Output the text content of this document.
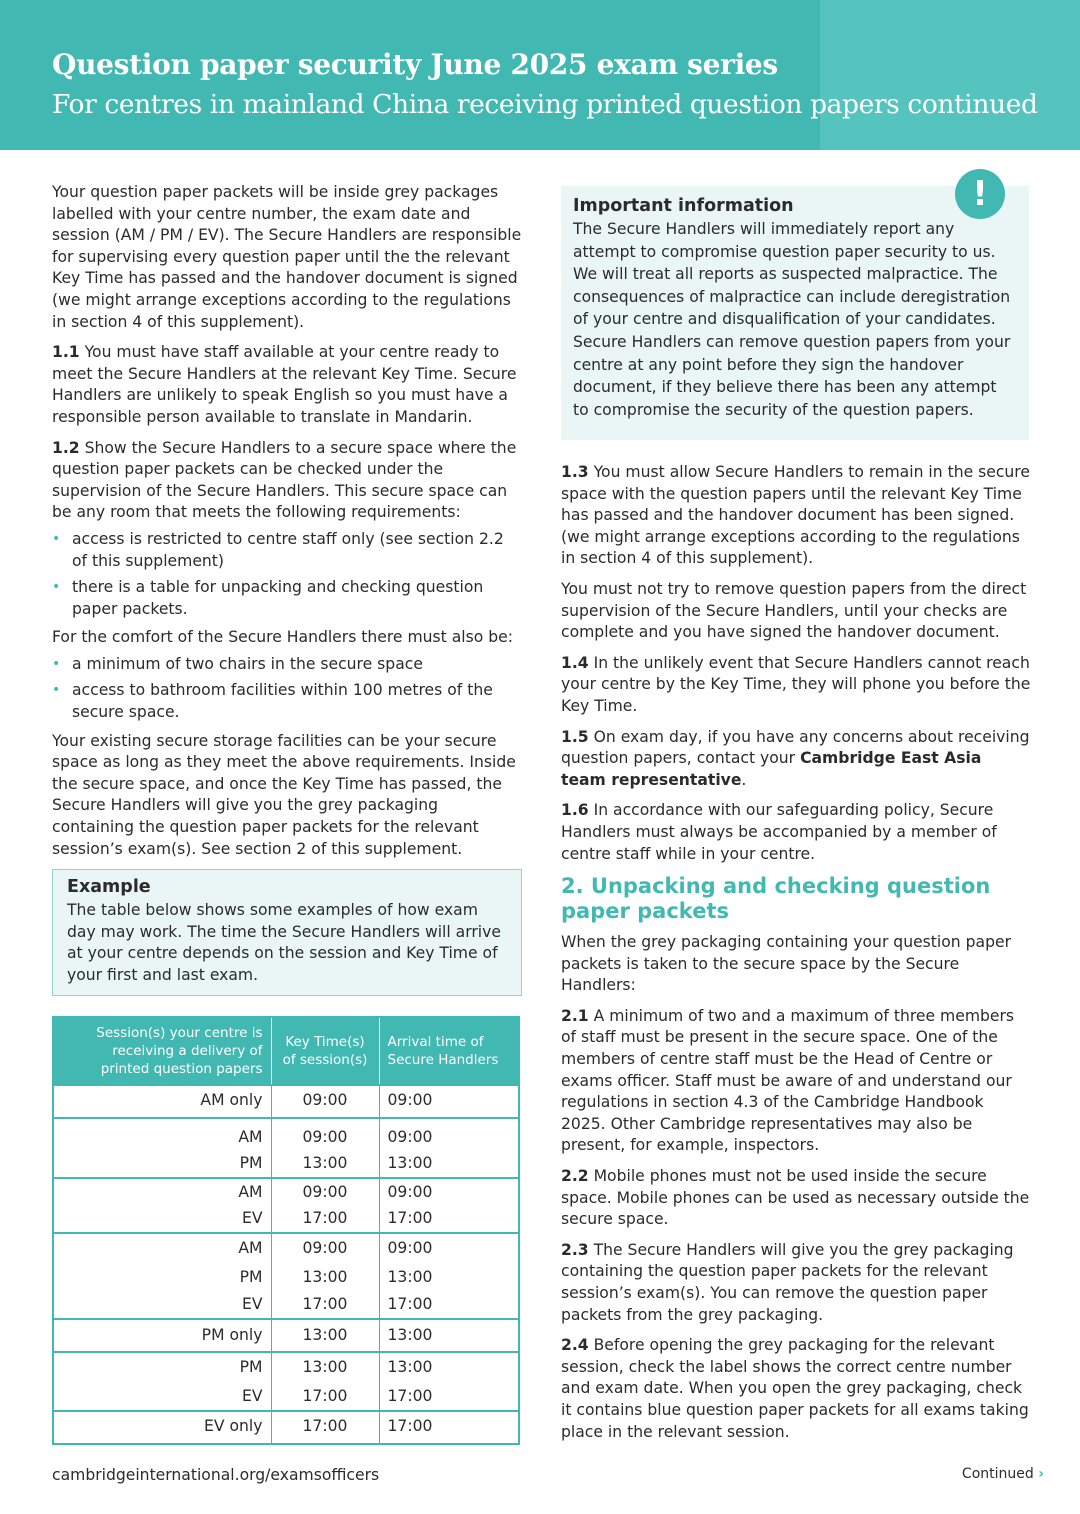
Question paper security June 2025 exam series
For centres in mainland China receiving printed question papers continued

Your question paper packets will be inside grey packages labelled with your centre number, the exam date and session (AM / PM / EV). The Secure Handlers are responsible for supervising every question paper until the the relevant Key Time has passed and the handover document is signed (we might arrange exceptions according to the regulations in section 4 of this supplement).

1.1 You must have staff available at your centre ready to meet the Secure Handlers at the relevant Key Time. Secure Handlers are unlikely to speak English so you must have a responsible person available to translate in Mandarin.

1.2 Show the Secure Handlers to a secure space where the question paper packets can be checked under the supervision of the Secure Handlers. This secure space can be any room that meets the following requirements:

• access is restricted to centre staff only (see section 2.2 of this supplement)
• there is a table for unpacking and checking question paper packets.

For the comfort of the Secure Handlers there must also be:

• a minimum of two chairs in the secure space
• access to bathroom facilities within 100 metres of the secure space.

Your existing secure storage facilities can be your secure space as long as they meet the above requirements. Inside the secure space, and once the Key Time has passed, the Secure Handlers will give you the grey packaging containing the question paper packets for the relevant session’s exam(s). See section 2 of this supplement.

Example
The table below shows some examples of how exam day may work. The time the Secure Handlers will arrive at your centre depends on the session and Key Time of your first and last exam.
Session(s) your centre is receiving a delivery of printed question papers	Key Time(s) of session(s)	Arrival time of Secure Handlers
AM only	09:00	09:00
AM	09:00	09:00
PM	13:00	13:00
AM	09:00	09:00
EV	17:00	17:00
AM	09:00	09:00
PM	13:00	13:00
EV	17:00	17:00
PM only	13:00	13:00
PM	13:00	13:00
EV	17:00	17:00
EV only	17:00	17:00
Important information
The Secure Handlers will immediately report any attempt to compromise question paper security to us. We will treat all reports as suspected malpractice. The consequences of malpractice can include deregistration of your centre and disqualification of your candidates. Secure Handlers can remove question papers from your centre at any point before they sign the handover document, if they believe there has been any attempt to compromise the security of the question papers.
!

1.3 You must allow Secure Handlers to remain in the secure space with the question papers until the relevant Key Time has passed and the handover document has been signed. (we might arrange exceptions according to the regulations in section 4 of this supplement).

You must not try to remove question papers from the direct supervision of the Secure Handlers, until your checks are complete and you have signed the handover document.

1.4 In the unlikely event that Secure Handlers cannot reach your centre by the Key Time, they will phone you before the Key Time.

1.5 On exam day, if you have any concerns about receiving question papers, contact your Cambridge East Asia team representative.

1.6 In accordance with our safeguarding policy, Secure Handlers must always be accompanied by a member of centre staff while in your centre.

2. Unpacking and checking question paper packets

When the grey packaging containing your question paper packets is taken to the secure space by the Secure Handlers:

2.1 A minimum of two and a maximum of three members of staff must be present in the secure space. One of the members of centre staff must be the Head of Centre or exams officer. Staff must be aware of and understand our regulations in section 4.3 of the Cambridge Handbook 2025. Other Cambridge representatives may also be present, for example, inspectors.

2.2 Mobile phones must not be used inside the secure space. Mobile phones can be used as necessary outside the secure space.

2.3 The Secure Handlers will give you the grey packaging containing the question paper packets for the relevant session’s exam(s). You can remove the question paper packets from the grey packaging.

2.4 Before opening the grey packaging for the relevant session, check the label shows the correct centre number and exam date. When you open the grey packaging, check it contains blue question paper packets for all exams taking place in the relevant session.

cambridgeinternational.org/examsofficers	Continued ›
